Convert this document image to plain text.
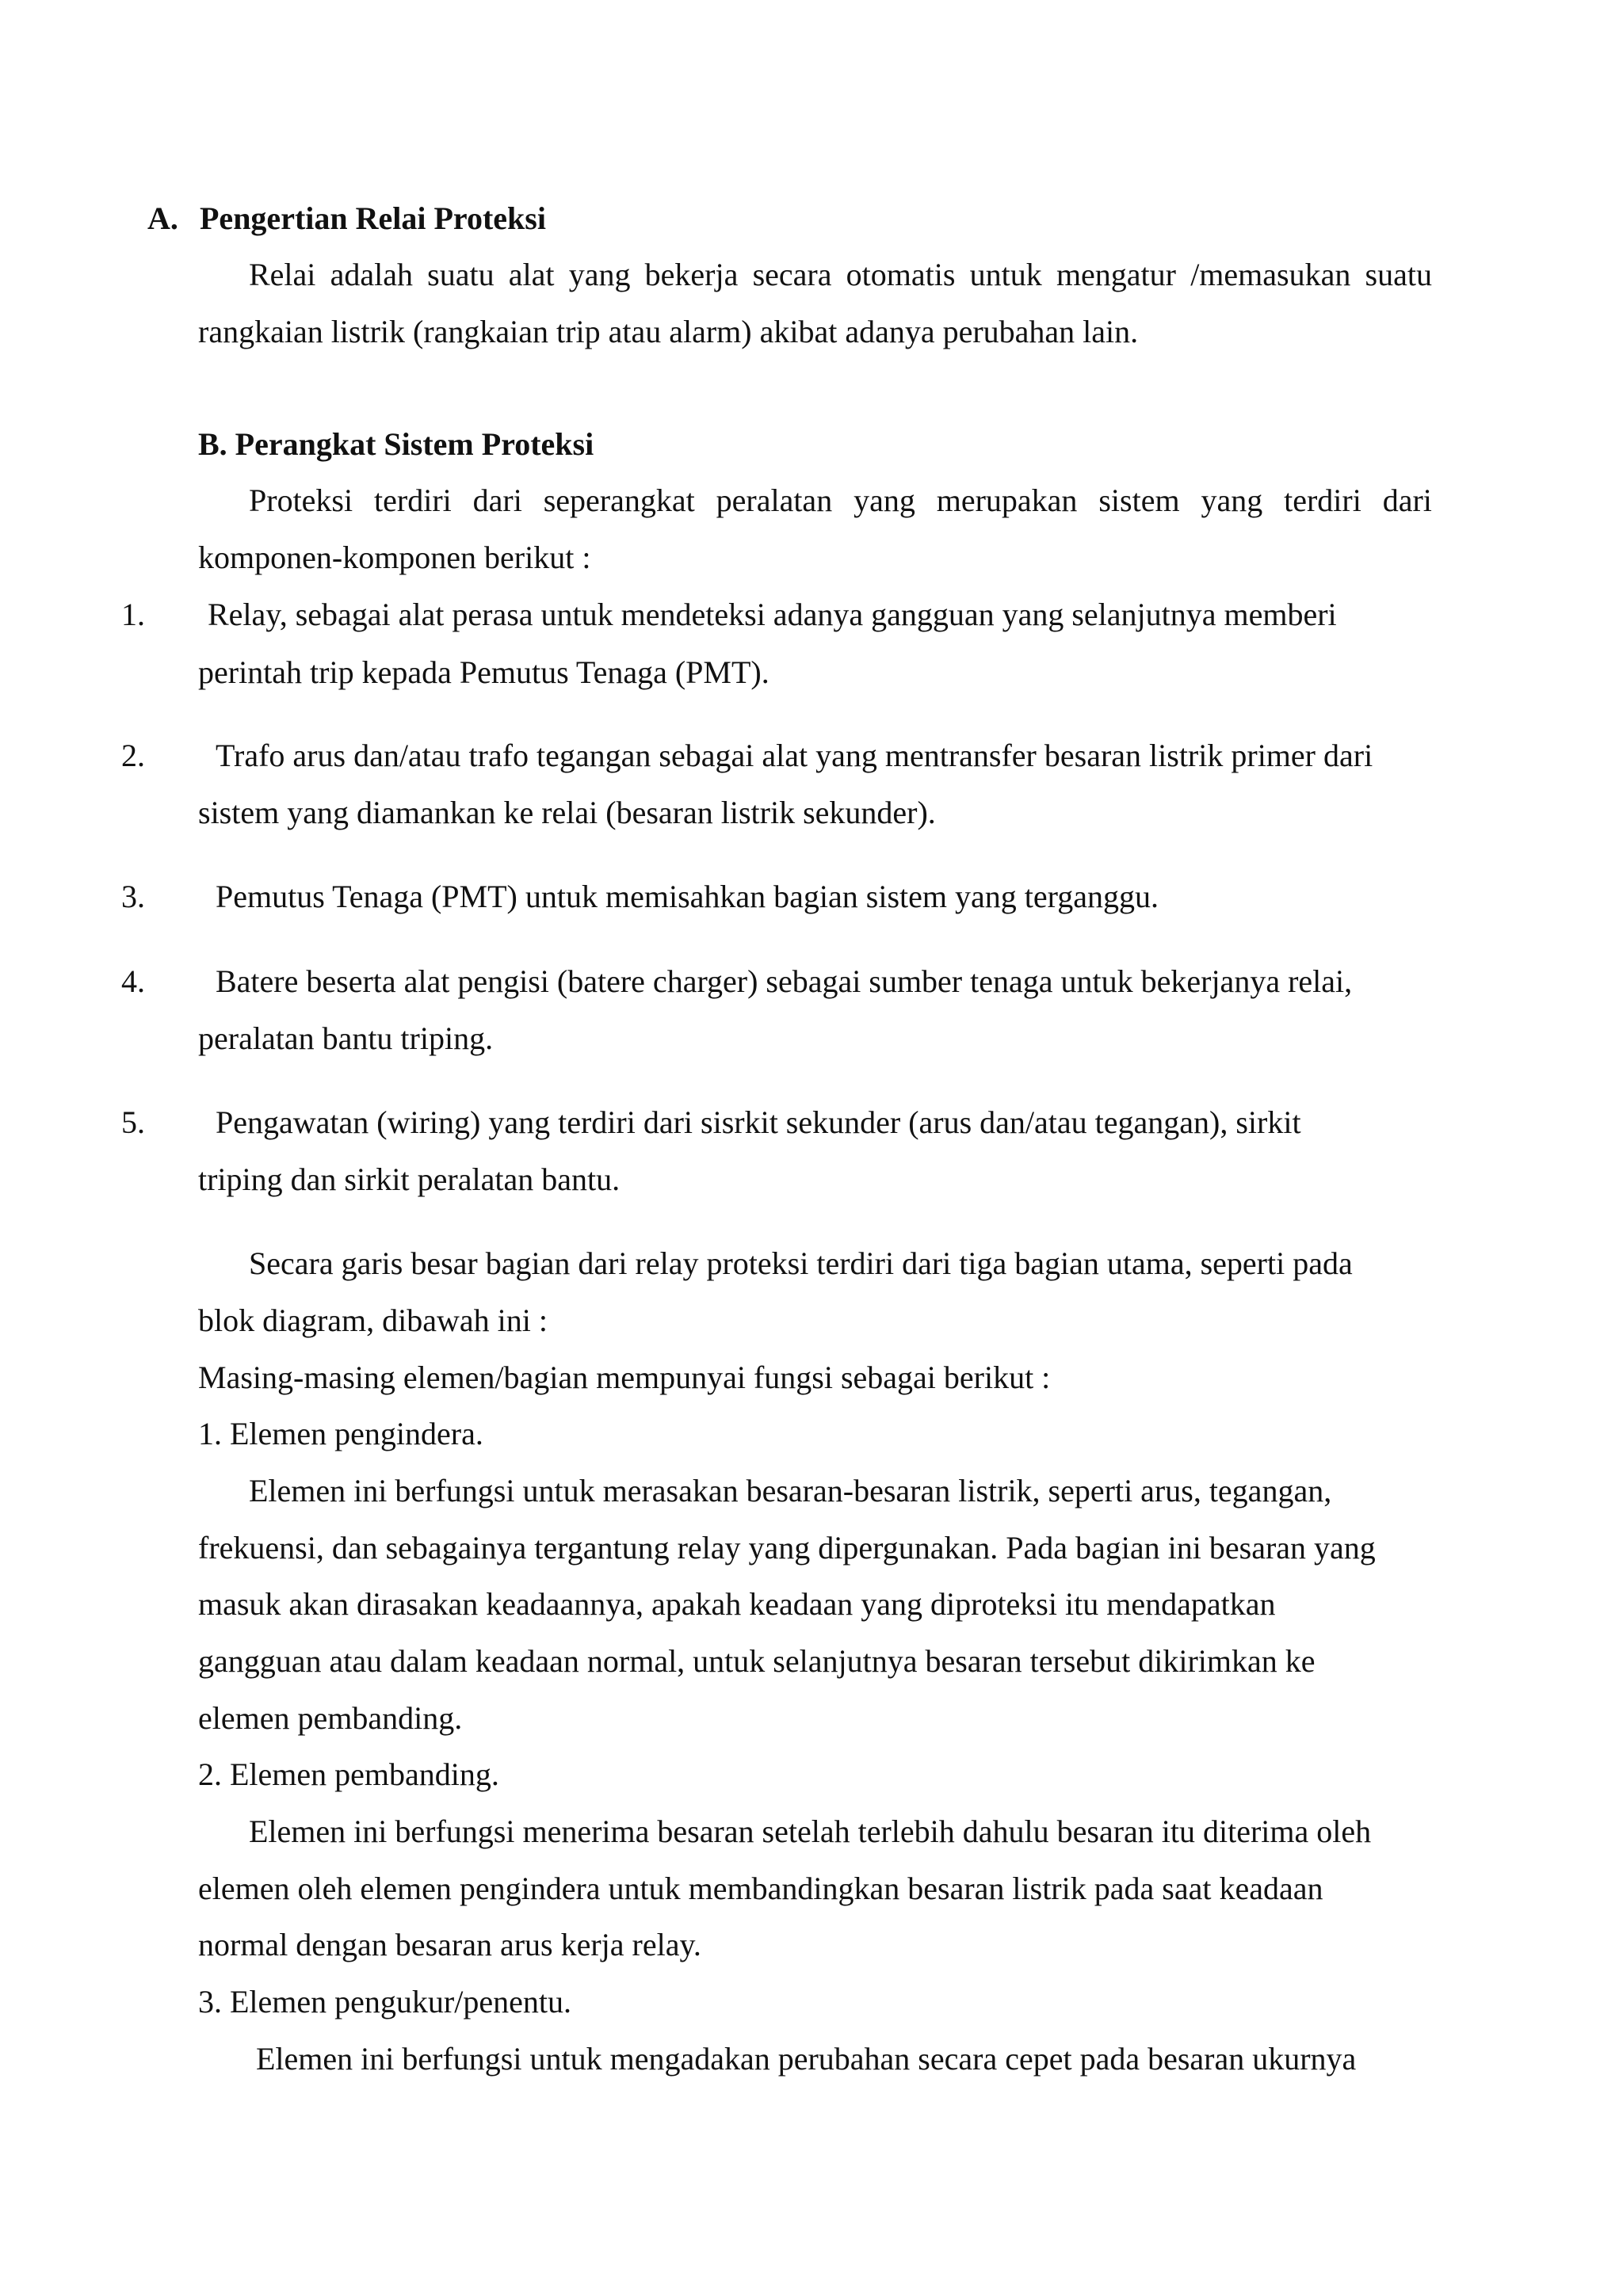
A. Pengertian Relai Proteksi
Relai adalah suatu alat yang bekerja secara otomatis untuk mengatur /memasukan suatu
rangkaian listrik (rangkaian trip atau alarm) akibat adanya perubahan lain.
B. Perangkat Sistem Proteksi
Proteksi terdiri dari seperangkat peralatan yang merupakan sistem yang terdiri dari
komponen-komponen berikut :
1. Relay, sebagai alat perasa untuk mendeteksi adanya gangguan yang selanjutnya memberi
perintah trip kepada Pemutus Tenaga (PMT).
2. Trafo arus dan/atau trafo tegangan sebagai alat yang mentransfer besaran listrik primer dari
sistem yang diamankan ke relai (besaran listrik sekunder).
3. Pemutus Tenaga (PMT) untuk memisahkan bagian sistem yang terganggu.
4. Batere beserta alat pengisi (batere charger) sebagai sumber tenaga untuk bekerjanya relai,
peralatan bantu triping.
5. Pengawatan (wiring) yang terdiri dari sisrkit sekunder (arus dan/atau tegangan), sirkit
triping dan sirkit peralatan bantu.
Secara garis besar bagian dari relay proteksi terdiri dari tiga bagian utama, seperti pada
blok diagram, dibawah ini :
Masing-masing elemen/bagian mempunyai fungsi sebagai berikut :
1. Elemen pengindera.
Elemen ini berfungsi untuk merasakan besaran-besaran listrik, seperti arus, tegangan,
frekuensi, dan sebagainya tergantung relay yang dipergunakan. Pada bagian ini besaran yang
masuk akan dirasakan keadaannya, apakah keadaan yang diproteksi itu mendapatkan
gangguan atau dalam keadaan normal, untuk selanjutnya besaran tersebut dikirimkan ke
elemen pembanding.
2. Elemen pembanding.
Elemen ini berfungsi menerima besaran setelah terlebih dahulu besaran itu diterima oleh
elemen oleh elemen pengindera untuk membandingkan besaran listrik pada saat keadaan
normal dengan besaran arus kerja relay.
3. Elemen pengukur/penentu.
Elemen ini berfungsi untuk mengadakan perubahan secara cepet pada besaran ukurnya
